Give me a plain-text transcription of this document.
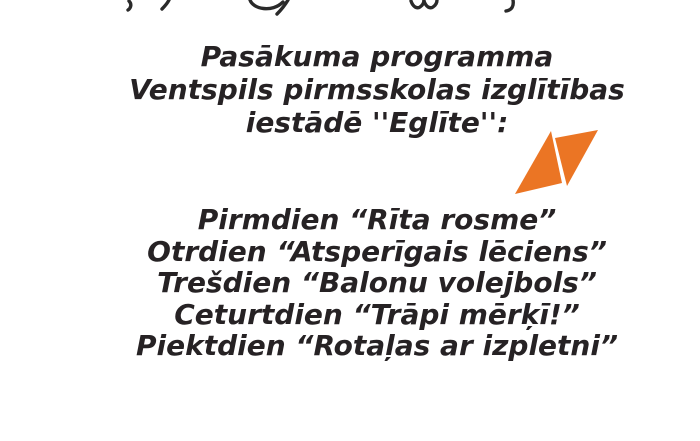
Pasākuma programma
Ventspils pirmsskolas izglītības
iestādē ''Eglīte'':
Pirmdien “Rīta rosme”
Otrdien “Atsperīgais lēciens”
Trešdien “Balonu volejbols”
Ceturtdien “Trāpi mērķī!”
Piektdien “Rotaļas ar izpletni”
